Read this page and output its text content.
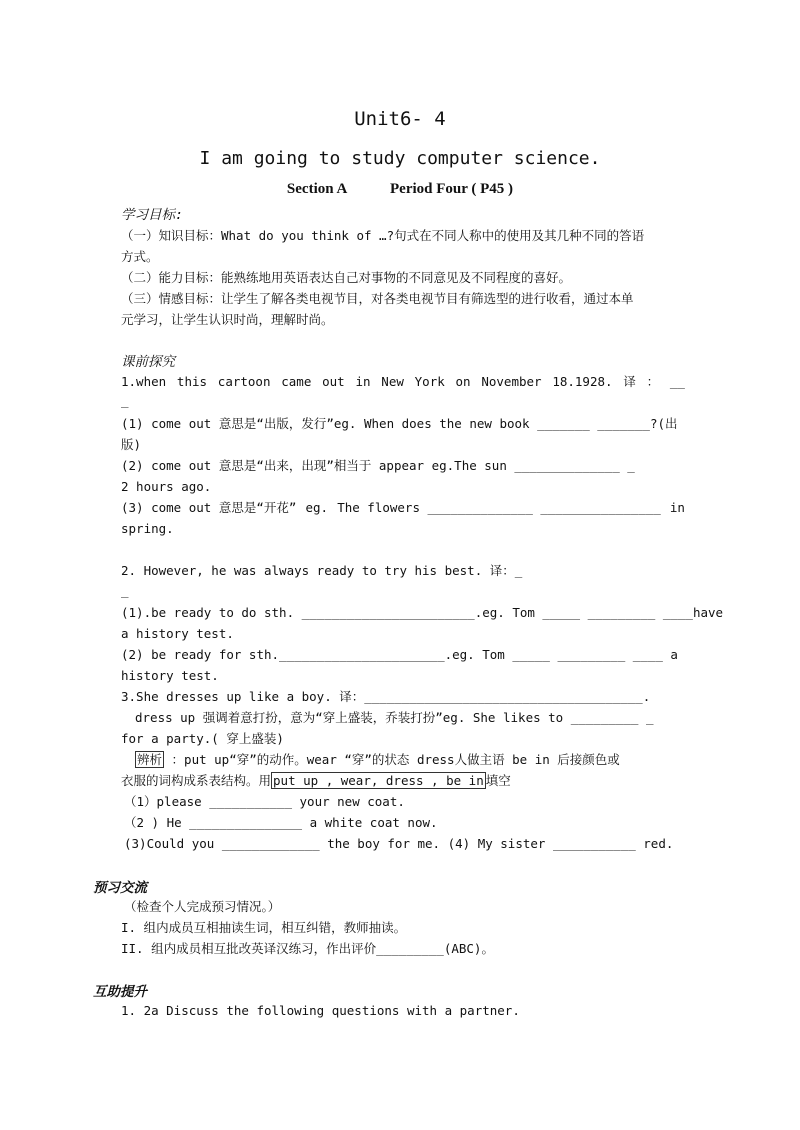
Unit6- 4
I am going to study computer science.
Section A	Period Four ( P45 )
学习目标:
（一）知识目标：What do you think of …?句式在不同人称中的使用及其几种不同的答语
方式。
（二）能力目标：能熟练地用英语表达自己对事物的不同意见及不同程度的喜好。
（三）情感目标：让学生了解各类电视节目，对各类电视节目有筛选型的进行收看，通过本单
元学习，让学生认识时尚，理解时尚。
课前探究
1.when this cartoon came out in New York on November 18.1928. 译 ： __
_
(1) come out 意思是“出版，发行”eg. When does the new book _______ _______?(出
版)
(2) come out 意思是“出来，出现”相当于 appear eg.The sun ______________ _
2 hours ago.
(3) come out 意思是“开花” eg. The flowers ______________ ________________ in
spring.
2. However, he was always ready to try his best. 译：_
_
(1).be ready to do sth. _______________________.eg. Tom _____ _________ ____have
a history test.
(2) be ready for sth.______________________.eg. Tom _____ _________ ____ a
history test.
3.She dresses up like a boy. 译：_____________________________________.
dress up 强调着意打扮，意为“穿上盛装，乔装打扮”eg. She likes to _________ _
for a party.( 穿上盛装)
辨析 ：put up“穿”的动作。wear “穿”的状态 dress人做主语 be in 后接颜色或
衣服的词构成系表结构。用 put up , wear, dress , be in 填空
（1）please ___________ your new coat.
（2 ) He _______________ a white coat now.
(3)Could you _____________ the boy for me. (4) My sister ___________ red.
预习交流
（检查个人完成预习情况。）
I. 组内成员互相抽读生词，相互纠错，教师抽读。
II. 组内成员相互批改英译汉练习，作出评价_________(ABC)。
互助提升
1. 2a Discuss the following questions with a partner.
